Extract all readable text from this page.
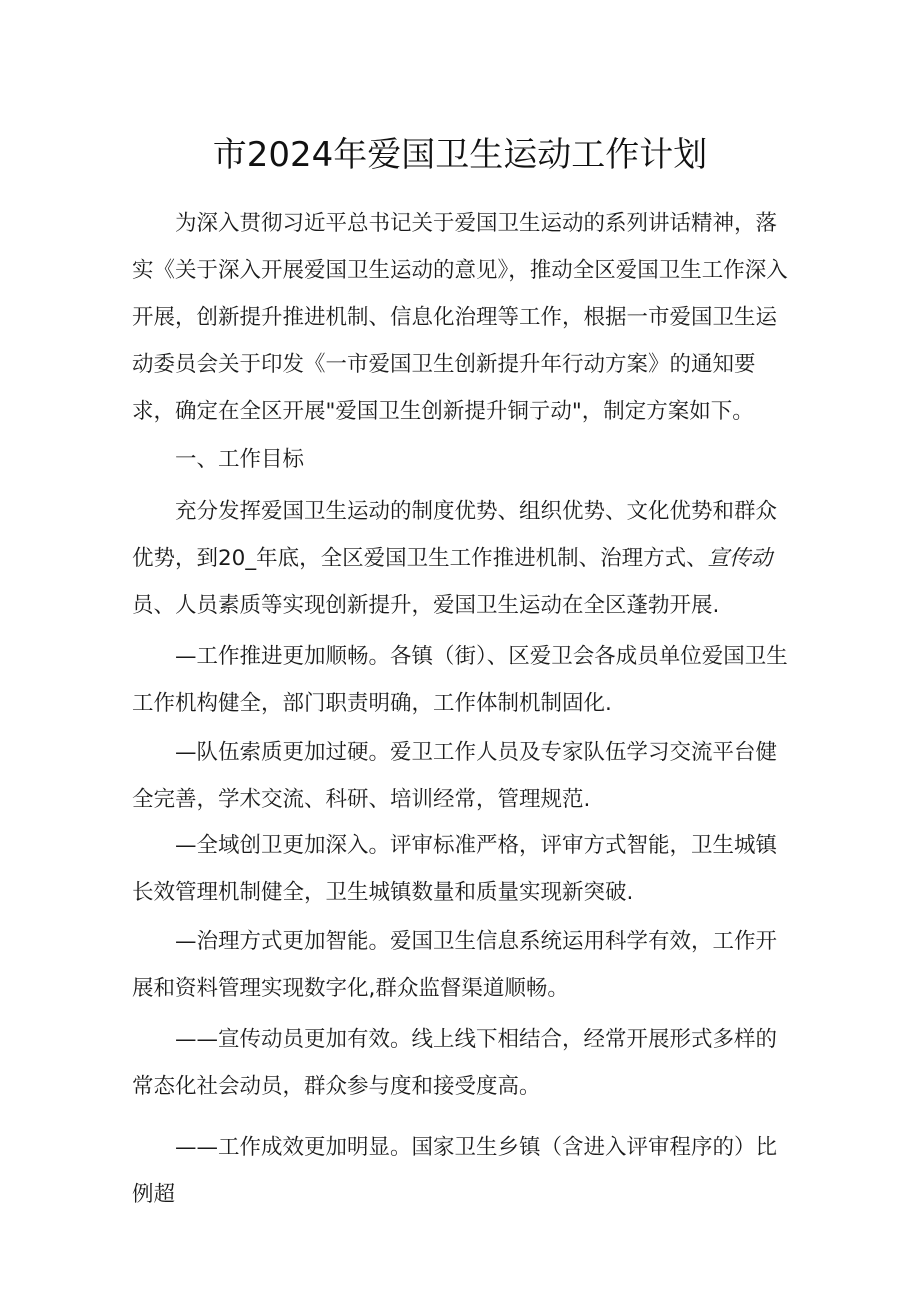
市2024年爱国卫生运动工作计划

为深入贯彻习近平总书记关于爱国卫生运动的系列讲话精神，落实《关于深入开展爱国卫生运动的意见》，推动全区爱国卫生工作深入开展，创新提升推进机制、信息化治理等工作，根据一市爱国卫生运动委员会关于印发《一市爱国卫生创新提升年行动方案》的通知要求，确定在全区开展"爱国卫生创新提升铜亍动"，制定方案如下。

一、工作目标

充分发挥爱国卫生运动的制度优势、组织优势、文化优势和群众优势，到20_年底，全区爱国卫生工作推进机制、治理方式、宣传动员、人员素质等实现创新提升，爱国卫生运动在全区蓬勃开展.

—工作推进更加顺畅。各镇（街）、区爱卫会各成员单位爱国卫生工作机构健全，部门职责明确，工作体制机制固化.

—队伍索质更加过硬。爱卫工作人员及专家队伍学习交流平台健全完善，学术交流、科研、培训经常，管理规范.

—全域创卫更加深入。评审标准严格，评审方式智能，卫生城镇长效管理机制健全，卫生城镇数量和质量实现新突破.

—治理方式更加智能。爱国卫生信息系统运用科学有效，工作开展和资料管理实现数字化,群众监督渠道顺畅。

——宣传动员更加有效。线上线下相结合，经常开展形式多样的常态化社会动员，群众参与度和接受度高。

——工作成效更加明显。国家卫生乡镇（含进入评审程序的）比例超
